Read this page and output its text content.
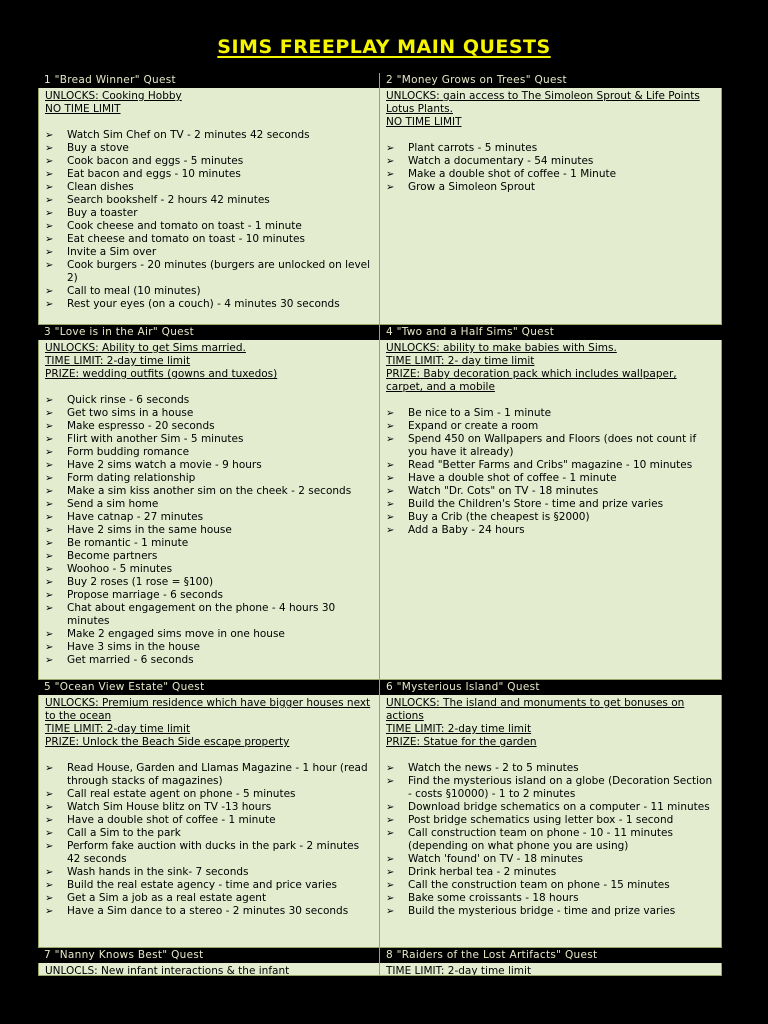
SIMS FREEPLAY MAIN QUESTS
1 "Bread Winner" Quest
UNLOCKS: Cooking Hobby
NO TIME LIMIT
➢ Watch Sim Chef on TV - 2 minutes 42 seconds
➢ Buy a stove
➢ Cook bacon and eggs - 5 minutes
➢ Eat bacon and eggs - 10 minutes
➢ Clean dishes
➢ Search bookshelf - 2 hours 42 minutes
➢ Buy a toaster
➢ Cook cheese and tomato on toast - 1 minute
➢ Eat cheese and tomato on toast - 10 minutes
➢ Invite a Sim over
➢ Cook burgers - 20 minutes (burgers are unlocked on level 2)
➢ Call to meal (10 minutes)
➢ Rest your eyes (on a couch) - 4 minutes 30 seconds
2 "Money Grows on Trees" Quest
UNLOCKS: gain access to The Simoleon Sprout & Life Points Lotus Plants.
NO TIME LIMIT
➢ Plant carrots - 5 minutes
➢ Watch a documentary - 54 minutes
➢ Make a double shot of coffee - 1 Minute
➢ Grow a Simoleon Sprout
3 "Love is in the Air" Quest
UNLOCKS: Ability to get Sims married.
TIME LIMIT: 2-day time limit
PRIZE: wedding outfits (gowns and tuxedos)
➢ Quick rinse - 6 seconds
➢ Get two sims in a house
➢ Make espresso - 20 seconds
➢ Flirt with another Sim - 5 minutes
➢ Form budding romance
➢ Have 2 sims watch a movie - 9 hours
➢ Form dating relationship
➢ Make a sim kiss another sim on the cheek - 2 seconds
➢ Send a sim home
➢ Have catnap - 27 minutes
➢ Have 2 sims in the same house
➢ Be romantic - 1 minute
➢ Become partners
➢ Woohoo - 5 minutes
➢ Buy 2 roses (1 rose = §100)
➢ Propose marriage - 6 seconds
➢ Chat about engagement on the phone - 4 hours 30 minutes
➢ Make 2 engaged sims move in one house
➢ Have 3 sims in the house
➢ Get married - 6 seconds
4 "Two and a Half Sims" Quest
UNLOCKS: ability to make babies with Sims.
TIME LIMIT: 2- day time limit
PRIZE: Baby decoration pack which includes wallpaper, carpet, and a mobile
➢ Be nice to a Sim - 1 minute
➢ Expand or create a room
➢ Spend 450 on Wallpapers and Floors (does not count if you have it already)
➢ Read "Better Farms and Cribs" magazine - 10 minutes
➢ Have a double shot of coffee - 1 minute
➢ Watch "Dr. Cots" on TV - 18 minutes
➢ Build the Children's Store - time and prize varies
➢ Buy a Crib (the cheapest is §2000)
➢ Add a Baby - 24 hours
5 "Ocean View Estate" Quest
UNLOCKS: Premium residence which have bigger houses next to the ocean
TIME LIMIT: 2-day time limit
PRIZE: Unlock the Beach Side escape property
➢ Read House, Garden and Llamas Magazine - 1 hour (read through stacks of magazines)
➢ Call real estate agent on phone - 5 minutes
➢ Watch Sim House blitz on TV -13 hours
➢ Have a double shot of coffee - 1 minute
➢ Call a Sim to the park
➢ Perform fake auction with ducks in the park - 2 minutes 42 seconds
➢ Wash hands in the sink- 7 seconds
➢ Build the real estate agency - time and price varies
➢ Get a Sim a job as a real estate agent
➢ Have a Sim dance to a stereo - 2 minutes 30 seconds
6 "Mysterious Island" Quest
UNLOCKS: The island and monuments to get bonuses on actions
TIME LIMIT: 2-day time limit
PRIZE: Statue for the garden
➢ Watch the news - 2 to 5 minutes
➢ Find the mysterious island on a globe (Decoration Section - costs §10000) - 1 to 2 minutes
➢ Download bridge schematics on a computer - 11 minutes
➢ Post bridge schematics using letter box - 1 second
➢ Call construction team on phone - 10 - 11 minutes (depending on what phone you are using)
➢ Watch 'found' on TV - 18 minutes
➢ Drink herbal tea - 2 minutes
➢ Call the construction team on phone - 15 minutes
➢ Bake some croissants - 18 hours
➢ Build the mysterious bridge - time and prize varies
7 "Nanny Knows Best" Quest
UNLOCLS: New infant interactions & the infant
8 "Raiders of the Lost Artifacts" Quest
TIME LIMIT: 2-day time limit
